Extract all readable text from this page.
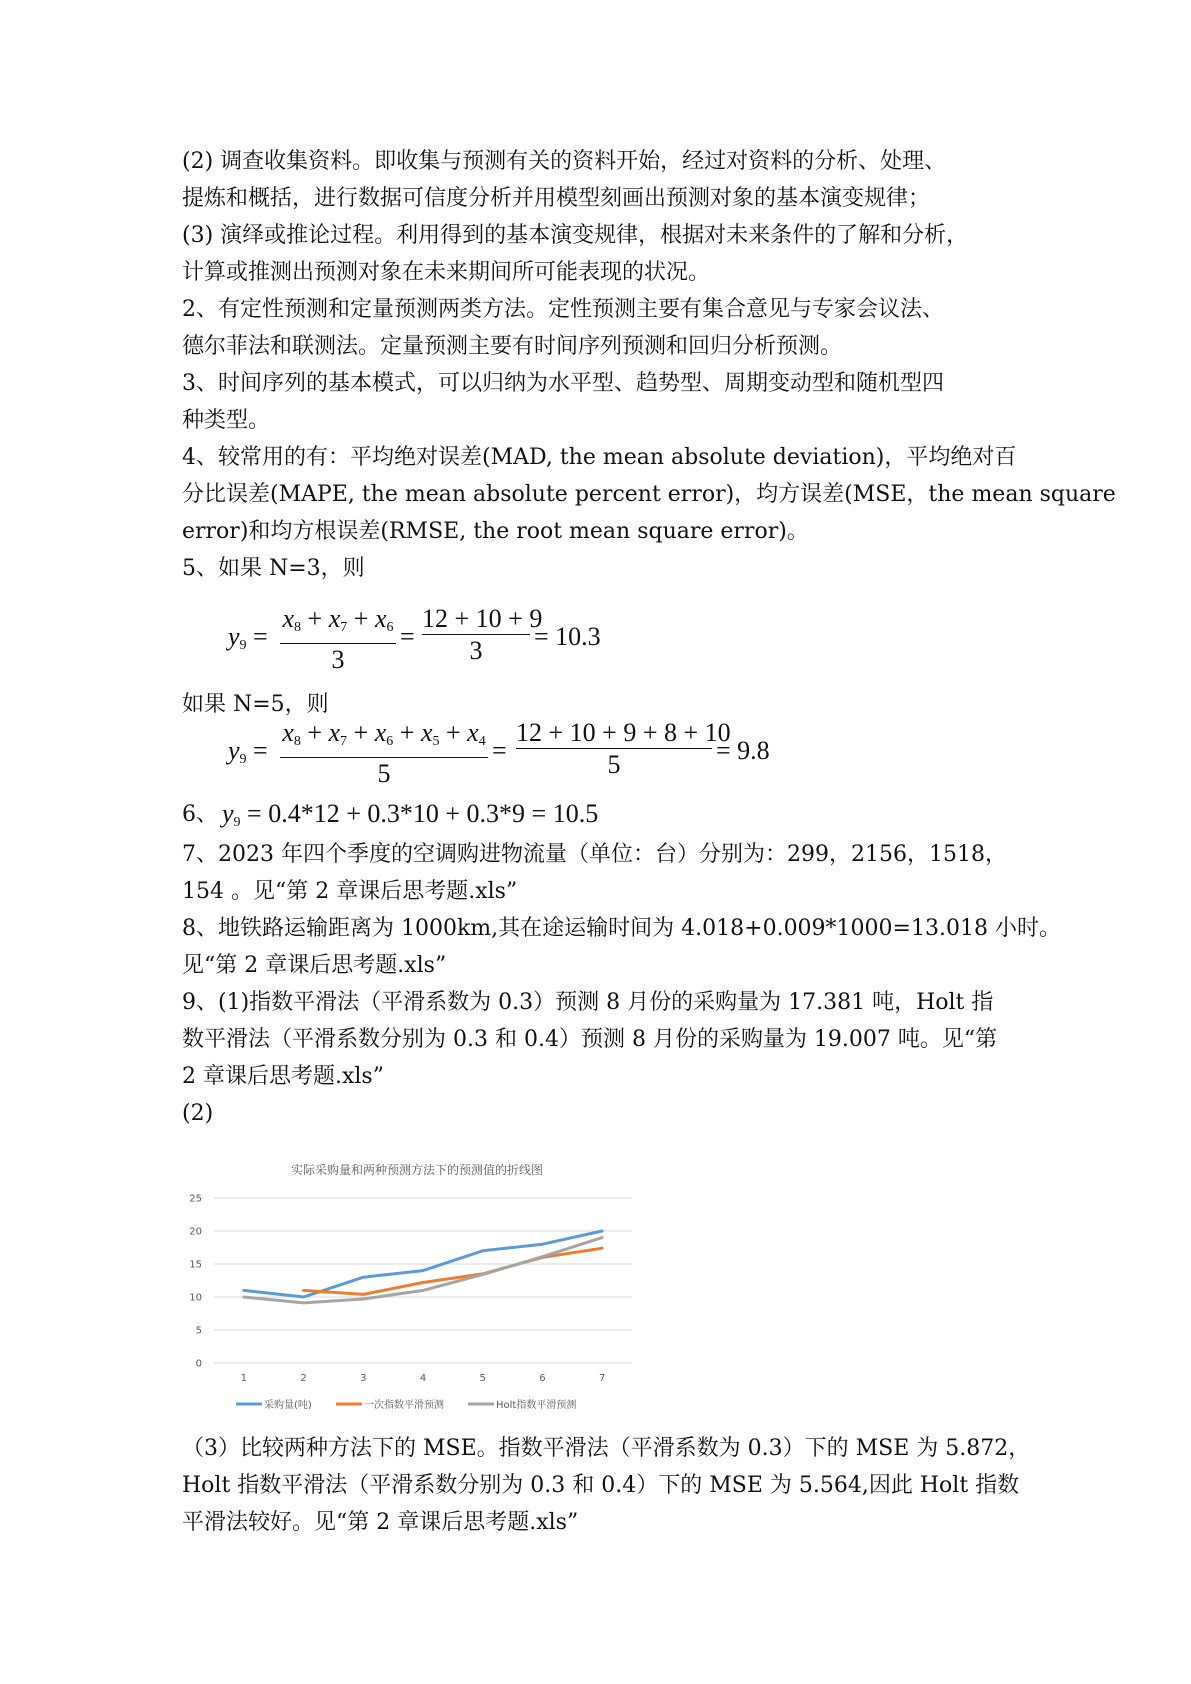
(2) 调查收集资料。即收集与预测有关的资料开始，经过对资料的分析、处理、
提炼和概括，进行数据可信度分析并用模型刻画出预测对象的基本演变规律；
(3) 演绎或推论过程。利用得到的基本演变规律，根据对未来条件的了解和分析，
计算或推测出预测对象在未来期间所可能表现的状况。
2、有定性预测和定量预测两类方法。定性预测主要有集合意见与专家会议法、
德尔菲法和联测法。定量预测主要有时间序列预测和回归分析预测。
3、时间序列的基本模式，可以归纳为水平型、趋势型、周期变动型和随机型四
种类型。
4、较常用的有：平均绝对误差(MAD, the mean absolute deviation)，平均绝对百
分比误差(MAPE, the mean absolute percent error)，均方误差(MSE，the mean square
error)和均方根误差(RMSE, the root mean square error)。
5、如果 N=3，则
$y_9$ =
$x_8 + x_7 + x_6$
3
=
12 + 10 + 9
3	= 10.3
如果 N=5，则
$y_9$ =
$x_8 + x_7 + x_6 + x_5 + x_4$
5
=
12 + 10 + 9 + 8 + 10
5	= 9.8
6、 $y_9 = 0.4*12 + 0.3*10 + 0.3*9 = 10.5$
7、2023 年四个季度的空调购进物流量（单位：台）分别为：299，2156，1518，
154 。见“第 2 章课后思考题.xls”
8、地铁路运输距离为 1000km,其在途运输时间为 4.018+0.009*1000=13.018 小时。
见“第 2 章课后思考题.xls”
9、(1)指数平滑法（平滑系数为 0.3）预测 8 月份的采购量为 17.381 吨，Holt 指
数平滑法（平滑系数分别为 0.3 和 0.4）预测 8 月份的采购量为 19.007 吨。见“第
2 章课后思考题.xls”
(2)
（3）比较两种方法下的 MSE。指数平滑法（平滑系数为 0.3）下的 MSE 为 5.872，
Holt 指数平滑法（平滑系数分别为 0.3 和 0.4）下的 MSE 为 5.564,因此 Holt 指数
平滑法较好。见“第 2 章课后思考题.xls”
实际采购量和两种预测方法下的预测值的折线图
0
5
10
15
20
25
1	2	3	4	5	6	7
采购量(吨)	一次指数平滑预测	Holt指数平滑预测
